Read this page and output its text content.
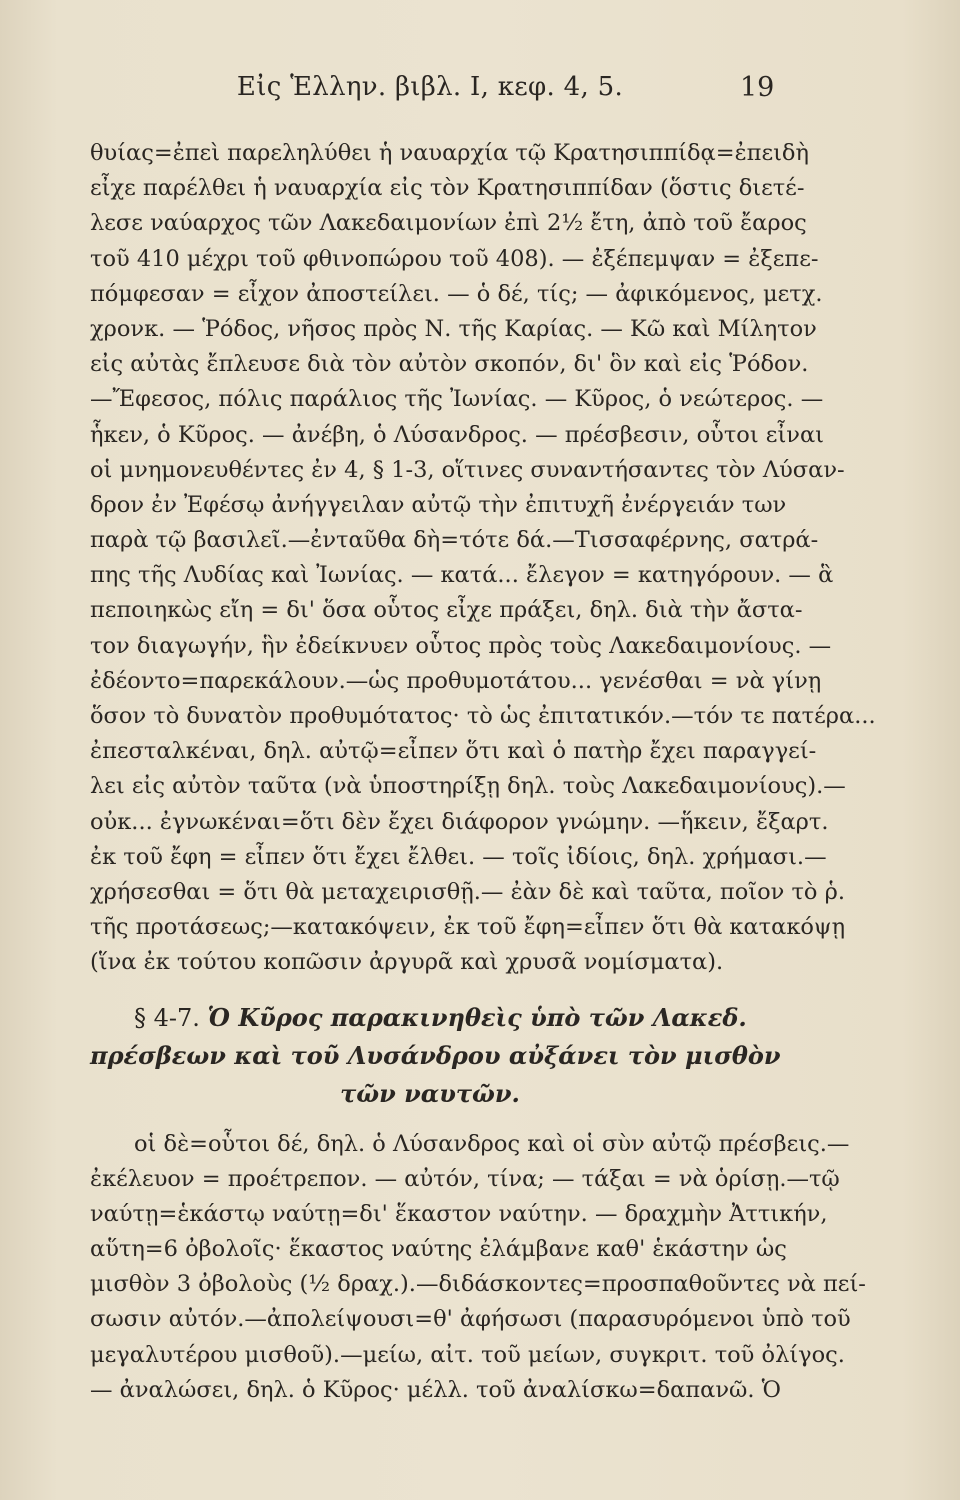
Εἰς Ἑλλην. βιβλ. Ι, κεφ. 4, 5.	19
θυίας=ἐπεὶ παρεληλύθει ἡ ναυαρχία τῷ Κρατησιππίδᾳ=ἐπειδὴ
εἶχε παρέλθει ἡ ναυαρχία εἰς τὸν Κρατησιππίδαν (ὅστις διετέ-
λεσε ναύαρχος τῶν Λακεδαιμονίων ἐπὶ 2½ ἔτη, ἀπὸ τοῦ ἔαρος
τοῦ 410 μέχρι τοῦ φθινοπώρου τοῦ 408). — ἐξέπεμψαν = ἐξεπε-
πόμφεσαν = εἶχον ἀποστείλει. — ὁ δέ, τίς; — ἀφικόμενος, μετχ.
χρονκ. — Ῥόδος, νῆσος πρὸς Ν. τῆς Καρίας. — Κῶ καὶ Μίλητον
εἰς αὐτὰς ἔπλευσε διὰ τὸν αὐτὸν σκοπόν, δι' ὃν καὶ εἰς Ῥόδον.
—Ἔφεσος, πόλις παράλιος τῆς Ἰωνίας. — Κῦρος, ὁ νεώτερος. —
ἧκεν, ὁ Κῦρος. — ἀνέβη, ὁ Λύσανδρος. — πρέσβεσιν, οὗτοι εἶναι
οἱ μνημονευθέντες ἐν 4, § 1-3, οἵτινες συναντήσαντες τὸν Λύσαν-
δρον ἐν Ἐφέσῳ ἀνήγγειλαν αὐτῷ τὴν ἐπιτυχῆ ἐνέργειάν των
παρὰ τῷ βασιλεῖ.—ἐνταῦθα δὴ=τότε δά.—Τισσαφέρνης, σατρά-
πης τῆς Λυδίας καὶ Ἰωνίας. — κατά... ἔλεγον = κατηγόρουν. — ἃ
πεποιηκὼς εἴη = δι' ὅσα οὗτος εἶχε πράξει, δηλ. διὰ τὴν ἄστα-
τον διαγωγήν, ἣν ἐδείκνυεν οὗτος πρὸς τοὺς Λακεδαιμονίους. —
ἐδέοντο=παρεκάλουν.—ὡς προθυμοτάτου... γενέσθαι = νὰ γίνῃ
ὅσον τὸ δυνατὸν προθυμότατος· τὸ ὡς ἐπιτατικόν.—τόν τε πατέρα...
ἐπεσταλκέναι, δηλ. αὐτῷ=εἶπεν ὅτι καὶ ὁ πατὴρ ἔχει παραγγεί-
λει εἰς αὐτὸν ταῦτα (νὰ ὑποστηρίξῃ δηλ. τοὺς Λακεδαιμονίους).—
οὐκ... ἐγνωκέναι=ὅτι δὲν ἔχει διάφορον γνώμην. —ἥκειν, ἔξαρτ.
ἐκ τοῦ ἔφη = εἶπεν ὅτι ἔχει ἔλθει. — τοῖς ἰδίοις, δηλ. χρήμασι.—
χρήσεσθαι = ὅτι θὰ μεταχειρισθῇ.— ἐὰν δὲ καὶ ταῦτα, ποῖον τὸ ῥ.
τῆς προτάσεως;—κατακόψειν, ἐκ τοῦ ἔφη=εἶπεν ὅτι θὰ κατακόψῃ
(ἵνα ἐκ τούτου κοπῶσιν ἀργυρᾶ καὶ χρυσᾶ νομίσματα).
§ 4-7. Ὁ Κῦρος παρακινηθεὶς ὑπὸ τῶν Λακεδ.
πρέσβεων καὶ τοῦ Λυσάνδρου αὐξάνει τὸν μισθὸν
τῶν ναυτῶν.
οἱ δὲ=οὗτοι δέ, δηλ. ὁ Λύσανδρος καὶ οἱ σὺν αὐτῷ πρέσβεις.—
ἐκέλευον = προέτρεπον. — αὐτόν, τίνα; — τάξαι = νὰ ὁρίσῃ.—τῷ
ναύτῃ=ἑκάστῳ ναύτῃ=δι' ἕκαστον ναύτην. — δραχμὴν Ἀττικήν,
αὕτη=6 ὀβολοῖς· ἕκαστος ναύτης ἐλάμβανε καθ' ἑκάστην ὡς
μισθὸν 3 ὀβολοὺς (½ δραχ.).—διδάσκοντες=προσπαθοῦντες νὰ πεί-
σωσιν αὐτόν.—ἀπολείψουσι=θ' ἀφήσωσι (παρασυρόμενοι ὑπὸ τοῦ
μεγαλυτέρου μισθοῦ).—μείω, αἰτ. τοῦ μείων, συγκριτ. τοῦ ὀλίγος.
— ἀναλώσει, δηλ. ὁ Κῦρος· μέλλ. τοῦ ἀναλίσκω=δαπανῶ. Ὁ
